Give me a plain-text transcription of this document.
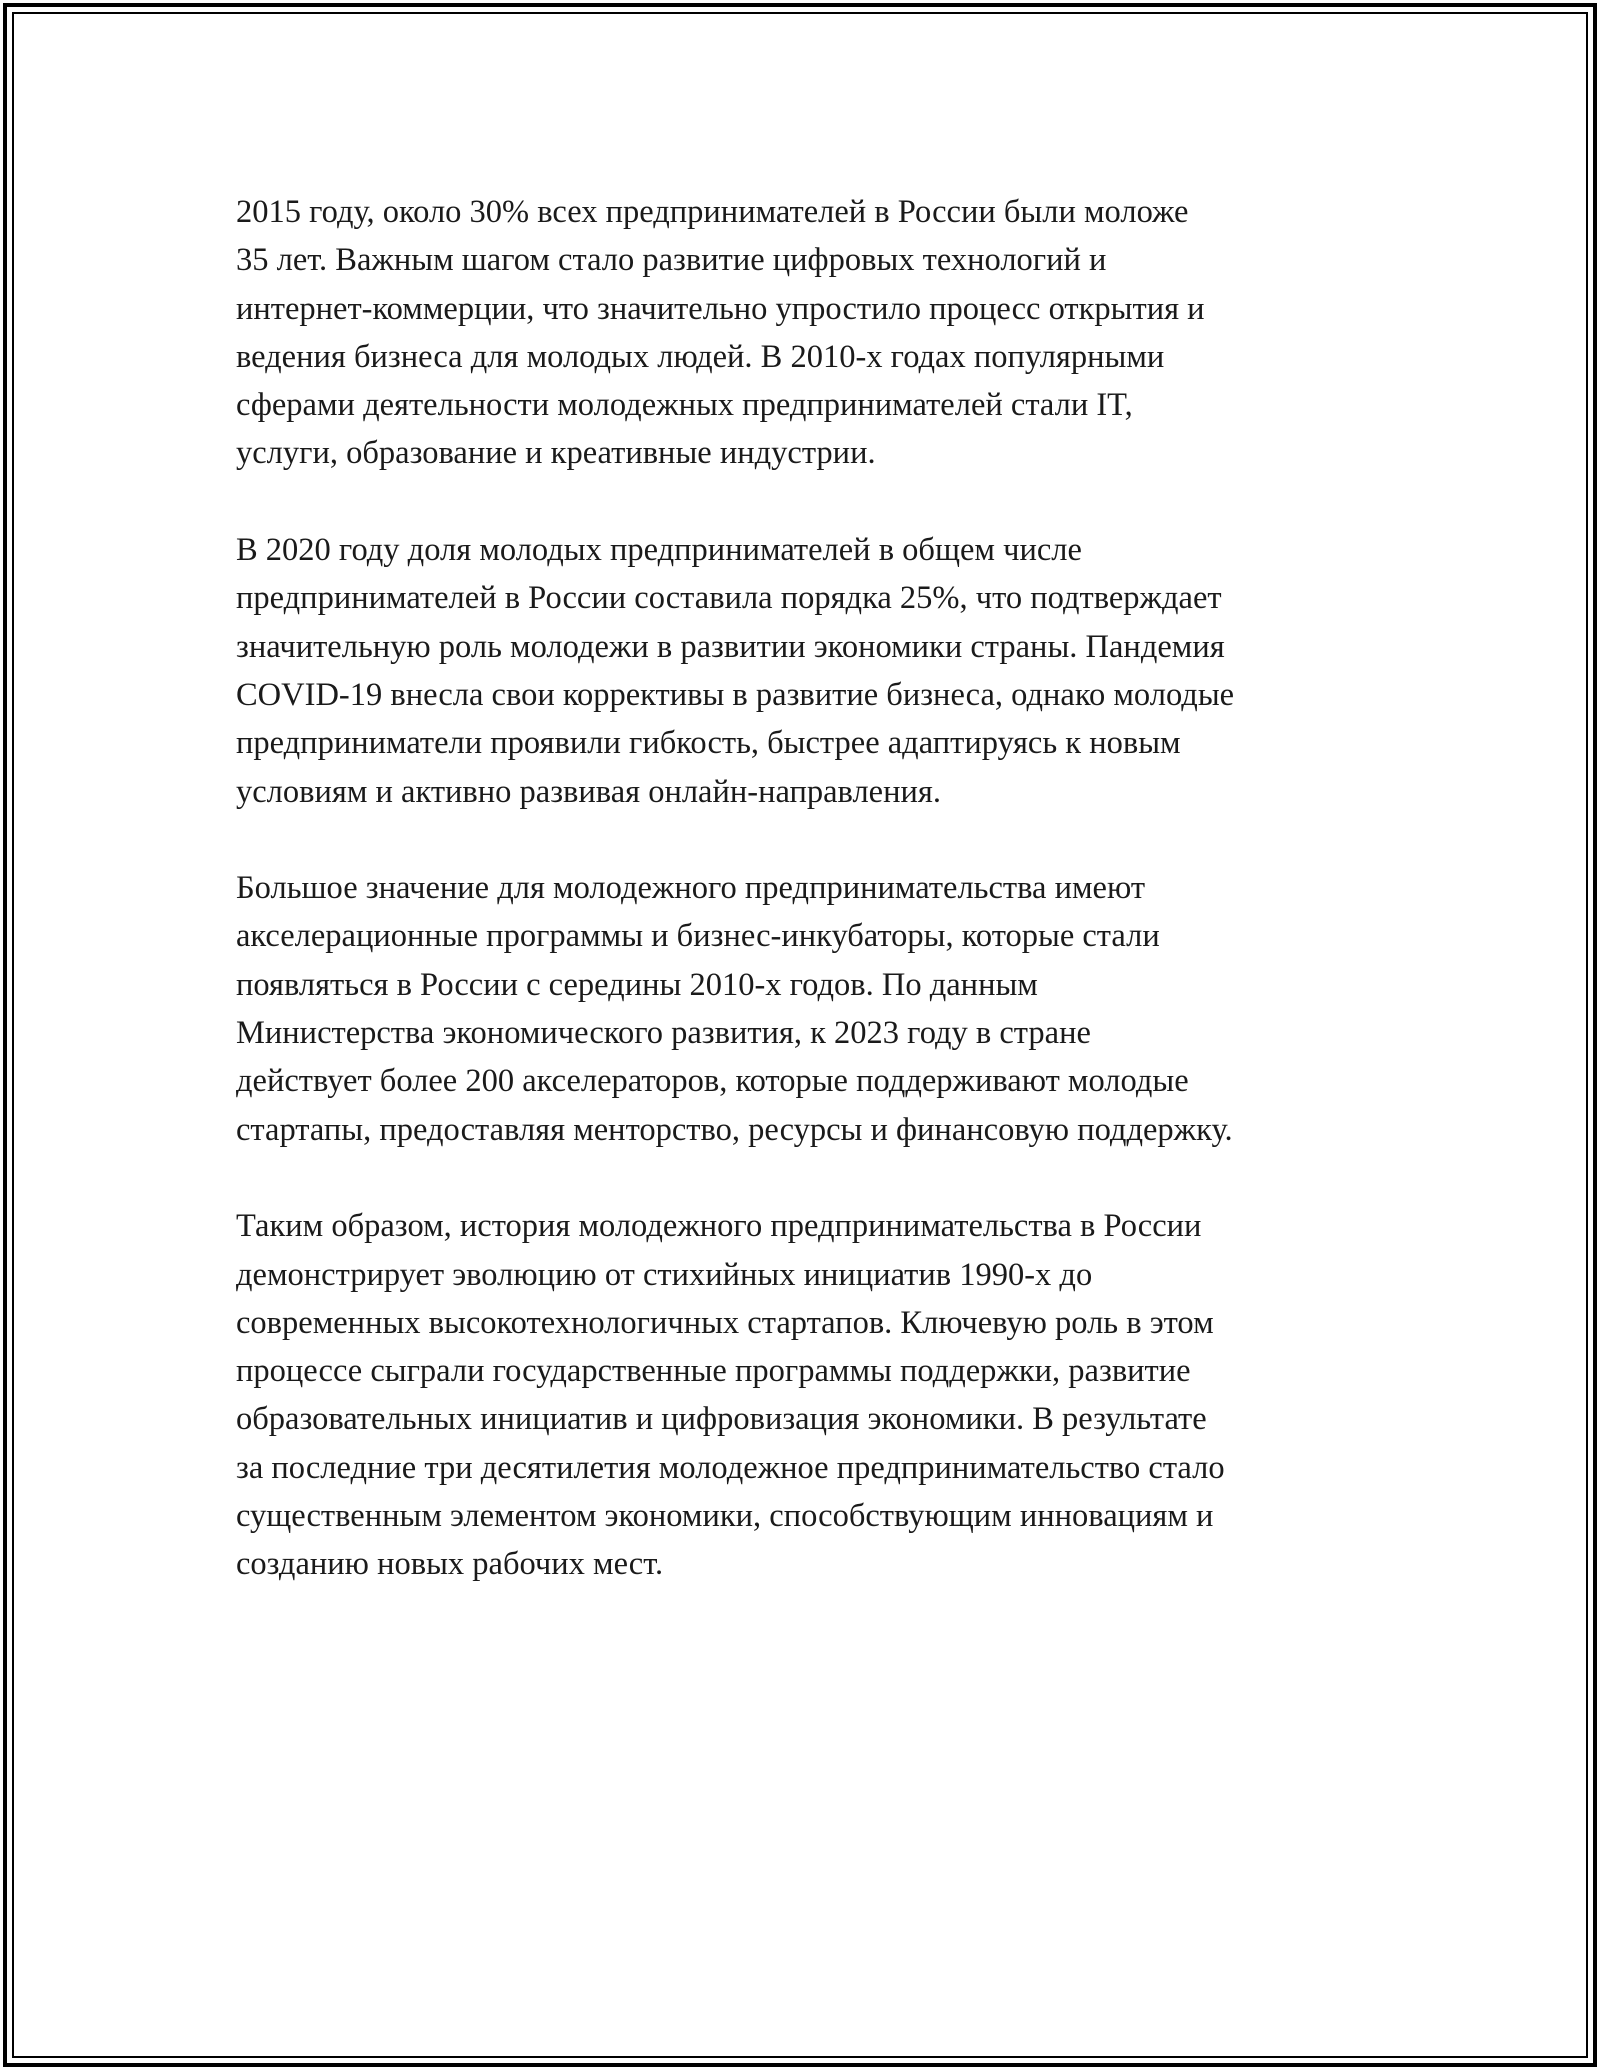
2015 году, около 30% всех предпринимателей в России были моложе
35 лет. Важным шагом стало развитие цифровых технологий и
интернет-коммерции, что значительно упростило процесс открытия и
ведения бизнеса для молодых людей. В 2010-х годах популярными
сферами деятельности молодежных предпринимателей стали IT,
услуги, образование и креативные индустрии.

В 2020 году доля молодых предпринимателей в общем числе
предпринимателей в России составила порядка 25%, что подтверждает
значительную роль молодежи в развитии экономики страны. Пандемия
COVID-19 внесла свои коррективы в развитие бизнеса, однако молодые
предприниматели проявили гибкость, быстрее адаптируясь к новым
условиям и активно развивая онлайн-направления.

Большое значение для молодежного предпринимательства имеют
акселерационные программы и бизнес-инкубаторы, которые стали
появляться в России с середины 2010-х годов. По данным
Министерства экономического развития, к 2023 году в стране
действует более 200 акселераторов, которые поддерживают молодые
стартапы, предоставляя менторство, ресурсы и финансовую поддержку.

Таким образом, история молодежного предпринимательства в России
демонстрирует эволюцию от стихийных инициатив 1990-х до
современных высокотехнологичных стартапов. Ключевую роль в этом
процессе сыграли государственные программы поддержки, развитие
образовательных инициатив и цифровизация экономики. В результате
за последние три десятилетия молодежное предпринимательство стало
существенным элементом экономики, способствующим инновациям и
созданию новых рабочих мест.
